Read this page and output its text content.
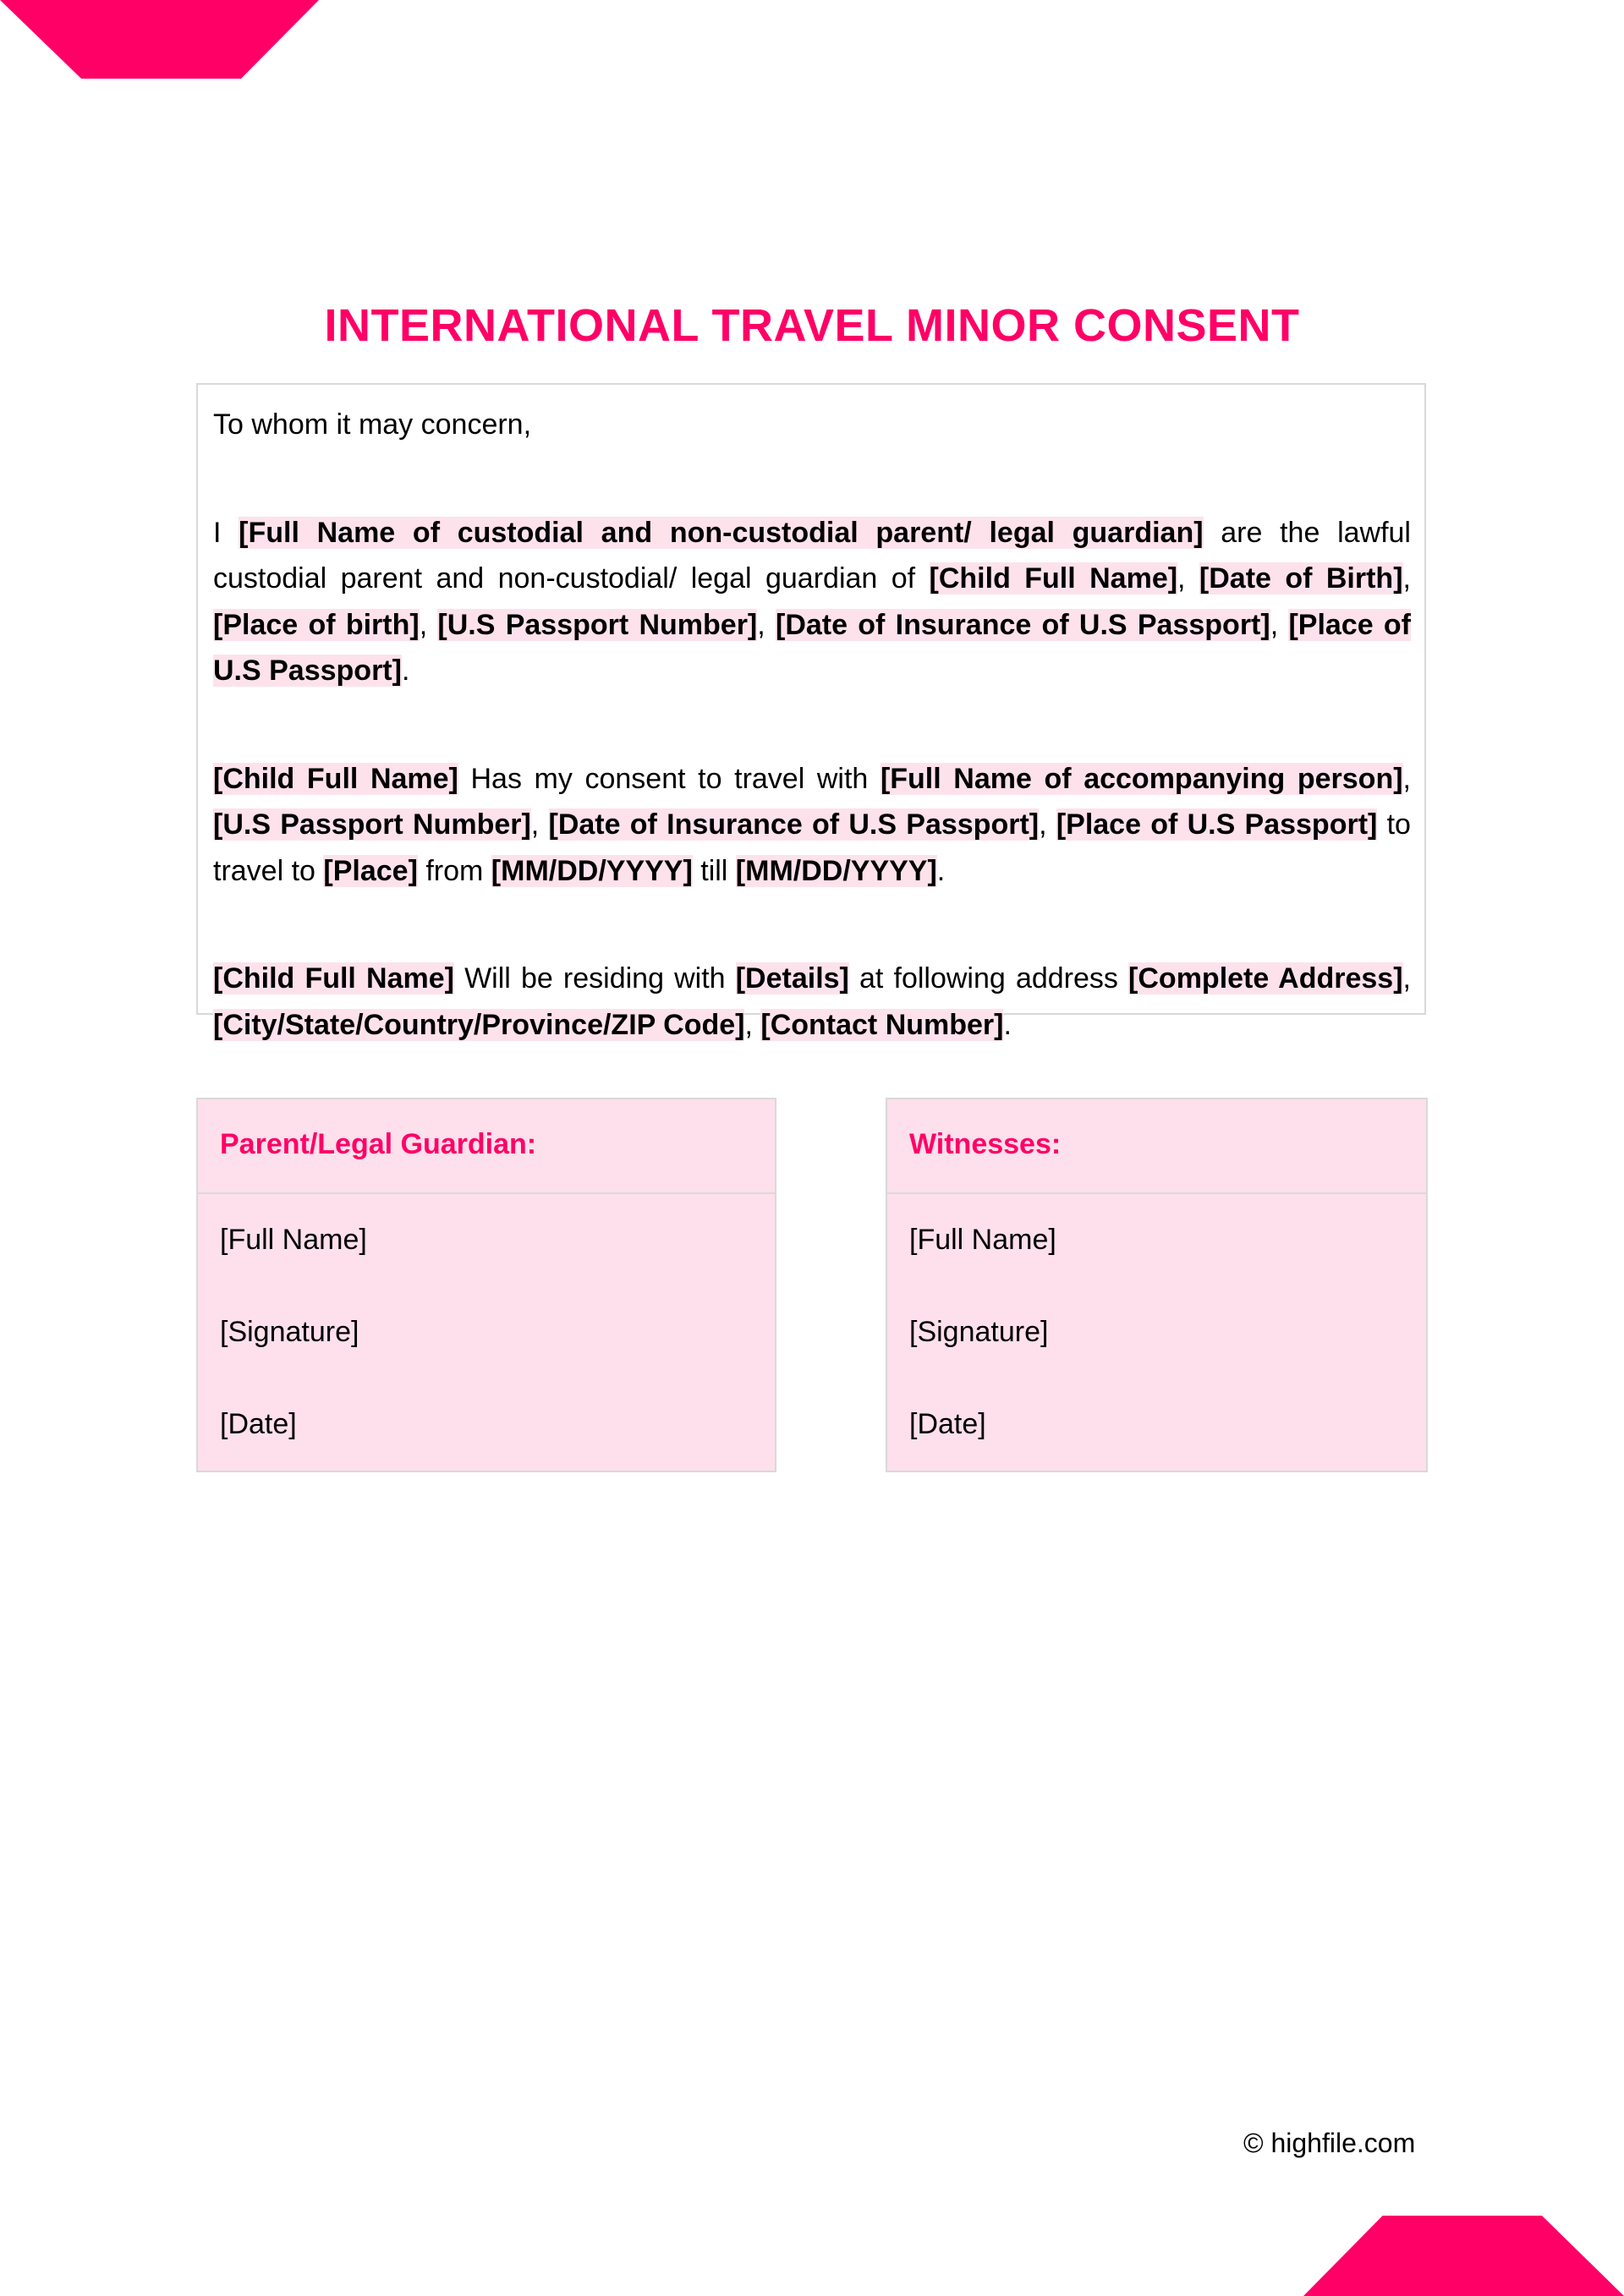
INTERNATIONAL TRAVEL MINOR CONSENT

To whom it may concern,

I [Full Name of custodial and non-custodial parent/ legal guardian] are the lawful custodial parent and non-custodial/ legal guardian of [Child Full Name], [Date of Birth], [Place of birth], [U.S Passport Number], [Date of Insurance of U.S Passport], [Place of U.S Passport].

[Child Full Name] Has my consent to travel with [Full Name of accompanying person], [U.S Passport Number], [Date of Insurance of U.S Passport], [Place of U.S Passport] to travel to [Place] from [MM/DD/YYYY] till [MM/DD/YYYY].

[Child Full Name] Will be residing with [Details] at following address [Complete Address], [City/State/Country/Province/ZIP Code], [Contact Number].

Parent/Legal Guardian:
[Full Name]
[Signature]
[Date]
Witnesses:
[Full Name]
[Signature]
[Date]
© highfile.com
